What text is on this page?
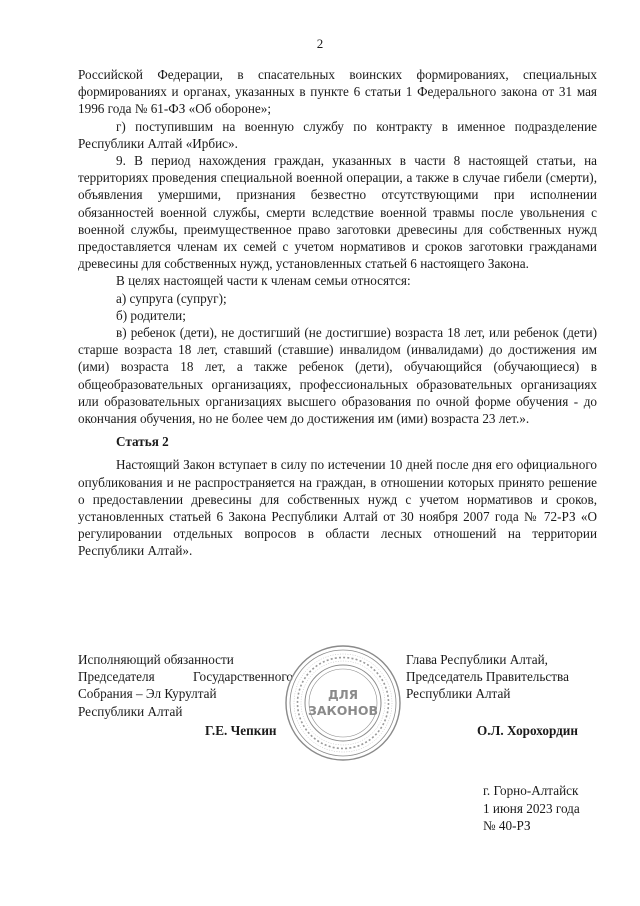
2

Российской Федерации, в спасательных воинских формированиях, специальных формированиях и органах, указанных в пункте 6 статьи 1 Федерального закона от 31 мая 1996 года № 61-ФЗ «Об обороне»;

г) поступившим на военную службу по контракту в именное подразделение Республики Алтай «Ирбис».

9. В период нахождения граждан, указанных в части 8 настоящей статьи, на территориях проведения специальной военной операции, а также в случае гибели (смерти), объявления умершими, признания безвестно отсутствующими при исполнении обязанностей военной службы, смерти вследствие военной травмы после увольнения с военной службы, преимущественное право заготовки древесины для собственных нужд предоставляется членам их семей с учетом нормативов и сроков заготовки гражданами древесины для собственных нужд, установленных статьей 6 настоящего Закона.

В целях настоящей части к членам семьи относятся:

а) супруга (супруг);

б) родители;

в) ребенок (дети), не достигший (не достигшие) возраста 18 лет, или ребенок (дети) старше возраста 18 лет, ставший (ставшие) инвалидом (инвалидами) до достижения им (ими) возраста 18 лет, а также ребенок (дети), обучающийся (обучающиеся) в общеобразовательных организациях, профессиональных образовательных организациях или образовательных организациях высшего образования по очной форме обучения - до окончания обучения, но не более чем до достижения им (ими) возраста 23 лет.».

Статья 2

Настоящий Закон вступает в силу по истечении 10 дней после дня его официального опубликования и не распространяется на граждан, в отношении которых принято решение о предоставлении древесины для собственных нужд с учетом нормативов и сроков, установленных статьей 6 Закона Республики Алтай от 30 ноября 2007 года № 72-РЗ «О регулировании отдельных вопросов в области лесных отношений на территории Республики Алтай».

Исполняющий обязанности
Председателя Государственного
Собрания – Эл Курултай
Республики Алтай
ДЛЯ
ЗАКОНОВ
Глава Республики Алтай,
Председатель Правительства
Республики Алтай
Г.Е. Чепкин	О.Л. Хорохордин
г. Горно-Алтайск
1 июня 2023 года
№ 40-РЗ
